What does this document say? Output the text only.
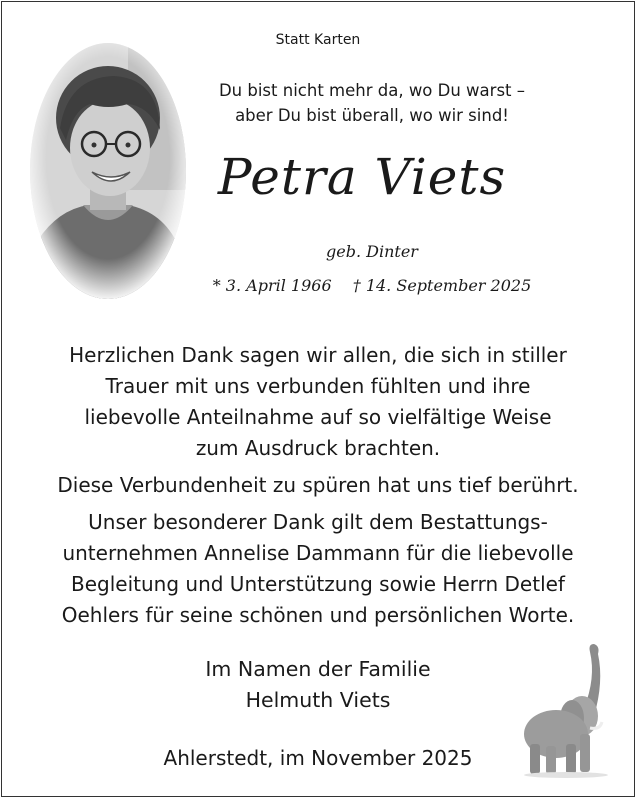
Statt Karten
Du bist nicht mehr da, wo Du warst –
aber Du bist überall, wo wir sind!
Petra Viets
geb. Dinter
* 3. April 1966 † 14. September 2025

Herzlichen Dank sagen wir allen, die sich in stiller
Trauer mit uns verbunden fühlten und ihre
liebevolle Anteilnahme auf so vielfältige Weise
zum Ausdruck brachten.

Diese Verbundenheit zu spüren hat uns tief berührt.

Unser besonderer Dank gilt dem Bestattungs-
unternehmen Annelise Dammann für die liebevolle
Begleitung und Unterstützung sowie Herrn Detlef
Oehlers für seine schönen und persönlichen Worte.

Im Namen der Familie
Helmuth Viets
Ahlerstedt, im November 2025
